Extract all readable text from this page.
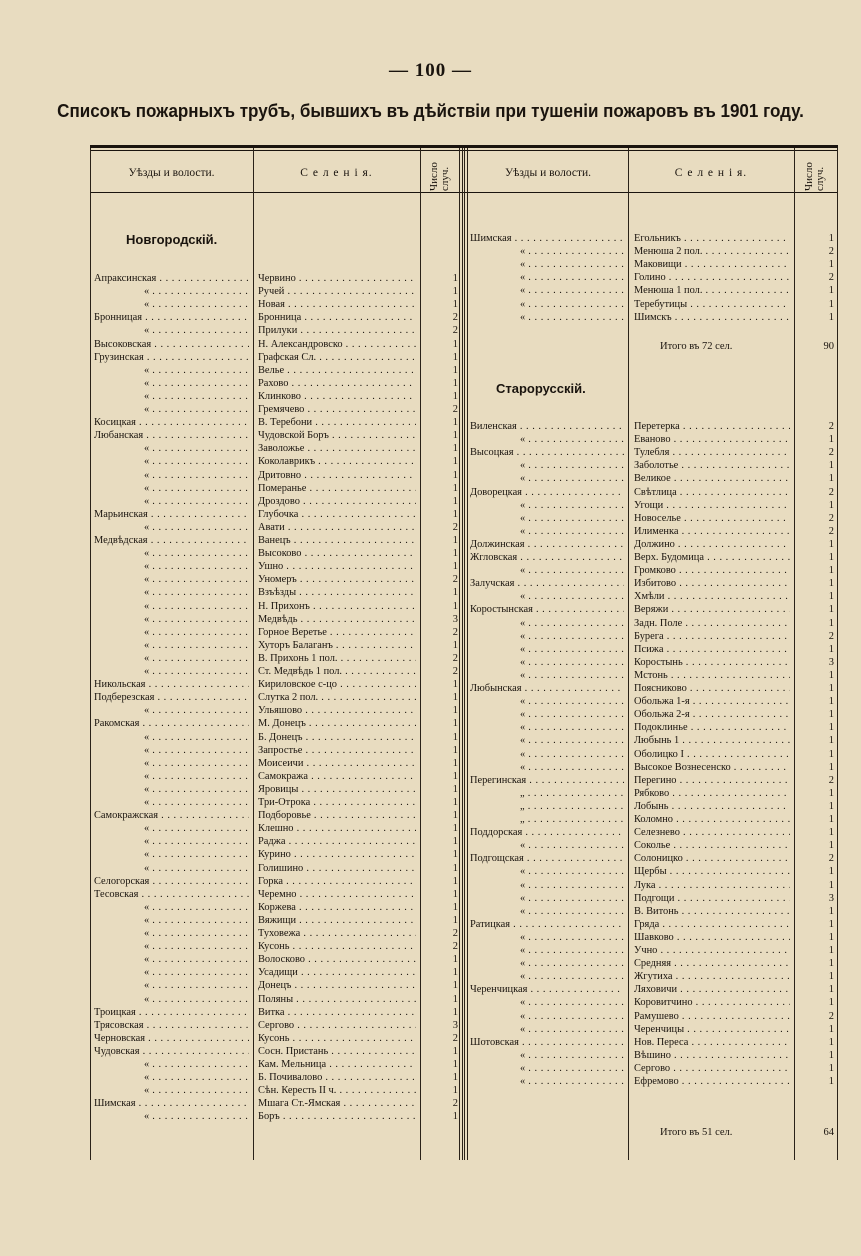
— 100 —
Списокъ пожарныхъ трубъ, бывшихъ въ дѣйствіи при тушеніи пожаровъ въ 1901 году.
Уѣзды и волости.	С е л е н і я.	Число случ.	Уѣзды и волости.	С е л е н і я.	Число случ.
Новгородскій.
Апраксинская . . .	Червино . . .	1
« . . .	Ручей . . .	1
« . . .	Новая . . .	1
Бронницая . . .	Бронница . . .	2
« . . .	Прилуки . . .	2
Высоковская . . .	Н. Александровско . . .	1
Грузинская . . .	Графская Сл. . . .	1
« . . .	Велье . . .	1
« . . .	Рахово . . .	1
« . . .	Клинково . . .	1
« . . .	Гремячево . . .	2
Косицкая . . .	В. Теребони . . .	1
Любанская . . .	Чудовской Боръ . . .	1
« . . .	Заволожье . . .	1
« . . .	Коколаврикъ . . .	1
« . . .	Дритовно . . .	1
« . . .	Померанье . . .	1
« . . .	Дроздово . . .	1
Марьинская . . .	Глубочка . . .	1
« . . .	Авати . . .	2
Медвѣдская . . .	Ванецъ . . .	1
« . . .	Высоково . . .	1
« . . .	Ушно . . .	1
« . . .	Уномеръ . . .	2
« . . .	Взъѣзды . . .	1
« . . .	Н. Прихонъ . . .	1
« . . .	Медвѣдь . . .	3
« . . .	Горное Веретье . . .	2
« . . .	Хуторъ Балаганъ . . .	1
« . . .	В. Прихонь 1 пол. . . .	2
« . . .	Ст. Медвѣдь 1 пол. . . .	2
Никольская . . .	Кириловское с-цо . . .	1
Подберезская . . .	Слутка 2 пол. . . .	1
« . . .	Ульяшово . . .	1
Ракомская . . .	М. Донецъ . . .	1
« . . .	Б. Донецъ . . .	1
« . . .	Запростье . . .	1
« . . .	Моисеичи . . .	1
« . . .	Самокража . . .	1
« . . .	Яровицы . . .	1
« . . .	Три-Отрока . . .	1
Самокражская . . .	Подборовье . . .	1
« . . .	Клешно . . .	1
« . . .	Раджа . . .	1
« . . .	Курино . . .	1
« . . .	Голишино . . .	1
Селогорская . . .	Горка . . .	1
Тесовская . . .	Черемно . . .	1
« . . .	Коржева . . .	1
« . . .	Вяжищи . . .	1
« . . .	Туховежа . . .	2
« . . .	Кусонь . . .	2
« . . .	Волосково . . .	1
« . . .	Усадищи . . .	1
« . . .	Донецъ . . .	1
« . . .	Поляны . . .	1
Троицкая . . .	Витка . . .	1
Трясовская . . .	Сергово . . .	3
Черновская . . .	Кусонь . . .	2
Чудовская . . .	Сосн. Пристань . . .	1
« . . .	Кам. Мельница . . .	1
« . . .	Б. Почивалово . . .	1
« . . .	Сѣн. Кересть II ч. . . .	1
Шимская . . .	Мшага Ст.-Ямская . . .	2
« . . .	Боръ . . .	1
Шимская . . .	Егольникъ . . .	1
« . . .	Менюша 2 пол. . . .	2
« . . .	Маковищи . . .	1
« . . .	Голино . . .	2
« . . .	Менюша 1 пол. . . .	1
« . . .	Теребутицы . . .	1
« . . .	Шимскъ . . .	1
Виленская . . .	Перетерка . . .	2
« . . .	Еваново . . .	1
Высоцкая . . .	Тулебля . . .	2
« . . .	Заболотье . . .	1
« . . .	Великое . . .	1
Доворецкая . . .	Свѣтлица . . .	2
« . . .	Угощи . . .	1
« . . .	Новоселье . . .	2
« . . .	Илименка . . .	2
Должинская . . .	Должино . . .	1
Жгловская . . .	Верх. Будомица . . .	1
« . . .	Громково . . .	1
Залучская . . .	Избитово . . .	1
« . . .	Хмѣли . . .	1
Коростынская . . .	Веряжи . . .	1
« . . .	Задн. Поле . . .	1
« . . .	Бурега . . .	2
« . . .	Псижа . . .	1
« . . .	Коростынь . . .	3
« . . .	Мстонь . . .	1
Любынская . . .	Поясниково . . .	1
« . . .	Обольжа 1-я . . .	1
« . . .	Обольжа 2-я . . .	1
« . . .	Подоклинье . . .	1
« . . .	Любынь 1 . . .	1
« . . .	Оболицко I . . .	1
« . . .	Высокое Вознесенско . . .	1
Перегинская . . .	Перегино . . .	2
„ . . .	Рябково . . .	1
„ . . .	Лобынь . . .	1
„ . . .	Коломно . . .	1
Поддорская . . .	Селезнево . . .	1
« . . .	Сокольe . . .	1
Подгощская . . .	Солоницко . . .	2
« . . .	Щербы . . .	1
« . . .	Лука . . .	1
« . . .	Подгощи . . .	3
« . . .	В. Витонь . . .	1
Ратицкая . . .	Гряда . . .	1
« . . .	Шавково . . .	1
« . . .	Учно . . .	1
« . . .	Средняя . . .	1
« . . .	Жгутиха . . .	1
Черенчицкая . . .	Ляховичи . . .	1
« . . .	Коровитчино . . .	1
« . . .	Рамушево . . .	2
« . . .	Черенчицы . . .	1
Шотовская . . .	Нов. Переса . . .	1
« . . .	Вѣшино . . .	1
« . . .	Сергово . . .	1
« . . .	Ефремово . . .	1
Итого въ 72 сел.	90
Старорусскій.
Итого въ 51 сел.	64
